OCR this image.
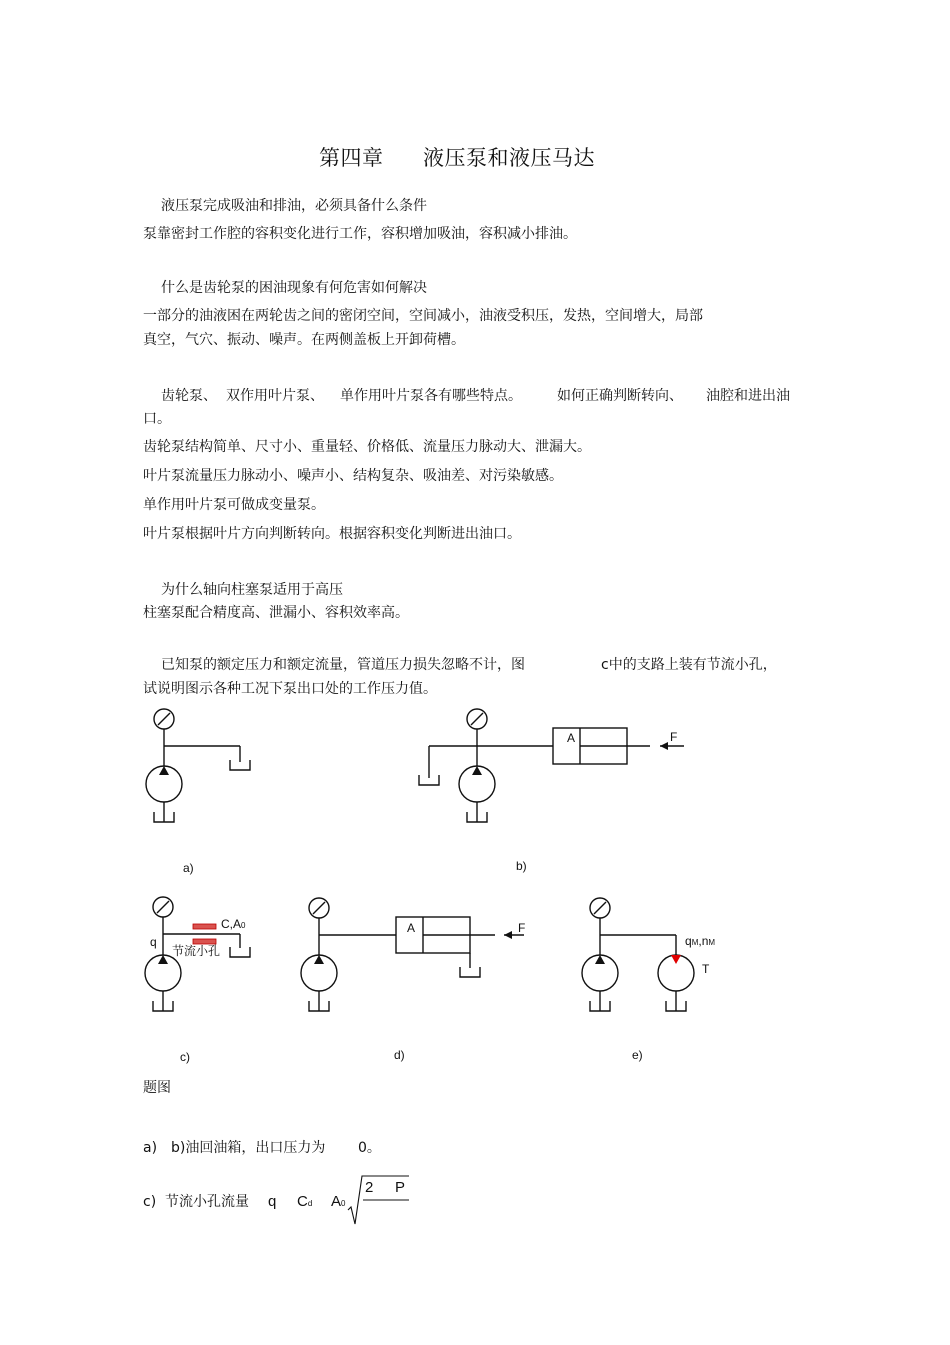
第四章 液压泵和液压马达
液压泵完成吸油和排油，必须具备什么条件
泵靠密封工作腔的容积变化进行工作，容积增加吸油，容积减小排油。
什么是齿轮泵的困油现象有何危害如何解决
一部分的油液困在两轮齿之间的密闭空间，空间减小，油液受积压，发热，空间增大，局部
真空，气穴、振动、噪声。在两侧盖板上开卸荷槽。
齿轮泵、 双作用叶片泵、 单作用叶片泵各有哪些特点。	如何正确判断转向、 油腔和进出油
口。
齿轮泵结构简单、尺寸小、重量轻、价格低、流量压力脉动大、泄漏大。
叶片泵流量压力脉动小、噪声小、结构复杂、吸油差、对污染敏感。
单作用叶片泵可做成变量泵。
叶片泵根据叶片方向判断转向。根据容积变化判断进出油口。
为什么轴向柱塞泵适用于高压
柱塞泵配合精度高、泄漏小、容积效率高。
已知泵的额定压力和额定流量，管道压力损失忽略不计，图	c中的支路上装有节流小孔，
试说明图示各种工况下泵出口处的工作压力值。
A	F
a)	b)
C,A0
q
节流小孔
A	F
qM,nM
T
c)	d)	e)
题图
a) b)油回油箱，出口压力为 0。
c) 节流小孔流量 q Cd A0
2 P
